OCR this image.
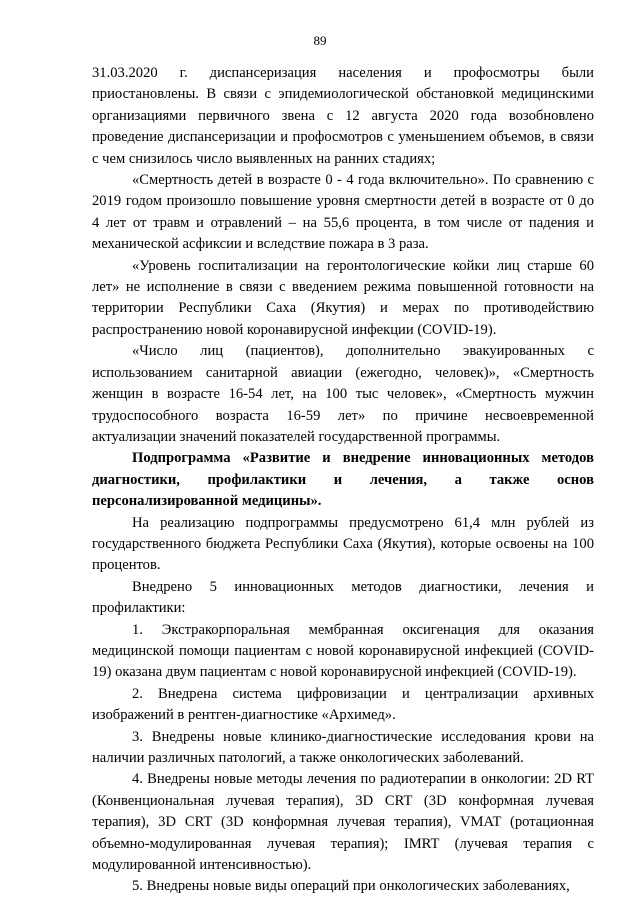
89

31.03.2020 г. диспансеризация населения и профосмотры были приостановлены. В связи с эпидемиологической обстановкой медицинскими организациями первичного звена с 12 августа 2020 года возобновлено проведение диспансеризации и профосмотров с уменьшением объемов, в связи с чем снизилось число выявленных на ранних стадиях;

«Смертность детей в возрасте 0 - 4 года включительно». По сравнению с 2019 годом произошло повышение уровня смертности детей в возрасте от 0 до 4 лет от травм и отравлений – на 55,6 процента, в том числе от падения и механической асфиксии и вследствие пожара в 3 раза.

«Уровень госпитализации на геронтологические койки лиц старше 60 лет» не исполнение в связи с введением режима повышенной готовности на территории Республики Саха (Якутия) и мерах по противодействию распространению новой коронавирусной инфекции (COVID-19).

«Число лиц (пациентов), дополнительно эвакуированных с использованием санитарной авиации (ежегодно, человек)», «Смертность женщин в возрасте 16-54 лет, на 100 тыс человек», «Смертность мужчин трудоспособного возраста 16-59 лет» по причине несвоевременной актуализации значений показателей государственной программы.

Подпрограмма «Развитие и внедрение инновационных методов диагностики, профилактики и лечения, а также основ персонализированной медицины».

На реализацию подпрограммы предусмотрено 61,4 млн рублей из государственного бюджета Республики Саха (Якутия), которые освоены на 100 процентов.

Внедрено 5 инновационных методов диагностики, лечения и профилактики:

1. Экстракорпоральная мембранная оксигенация для оказания медицинской помощи пациентам с новой коронавирусной инфекцией (COVID-19) оказана двум пациентам с новой коронавирусной инфекцией (COVID-19).

2. Внедрена система цифровизации и централизации архивных изображений в рентген-диагностике «Архимед».

3. Внедрены новые клинико-диагностические исследования крови на наличии различных патологий, а также онкологических заболеваний.

4. Внедрены новые методы лечения по радиотерапии в онкологии: 2D RT (Конвенциональная лучевая терапия), 3D CRT (3D конформная лучевая терапия), 3D CRT (3D конформная лучевая терапия), VMAT (ротационная объемно-модулированная лучевая терапия); IMRT (лучевая терапия с модулированной интенсивностью).

5. Внедрены новые виды операций при онкологических заболеваниях,
